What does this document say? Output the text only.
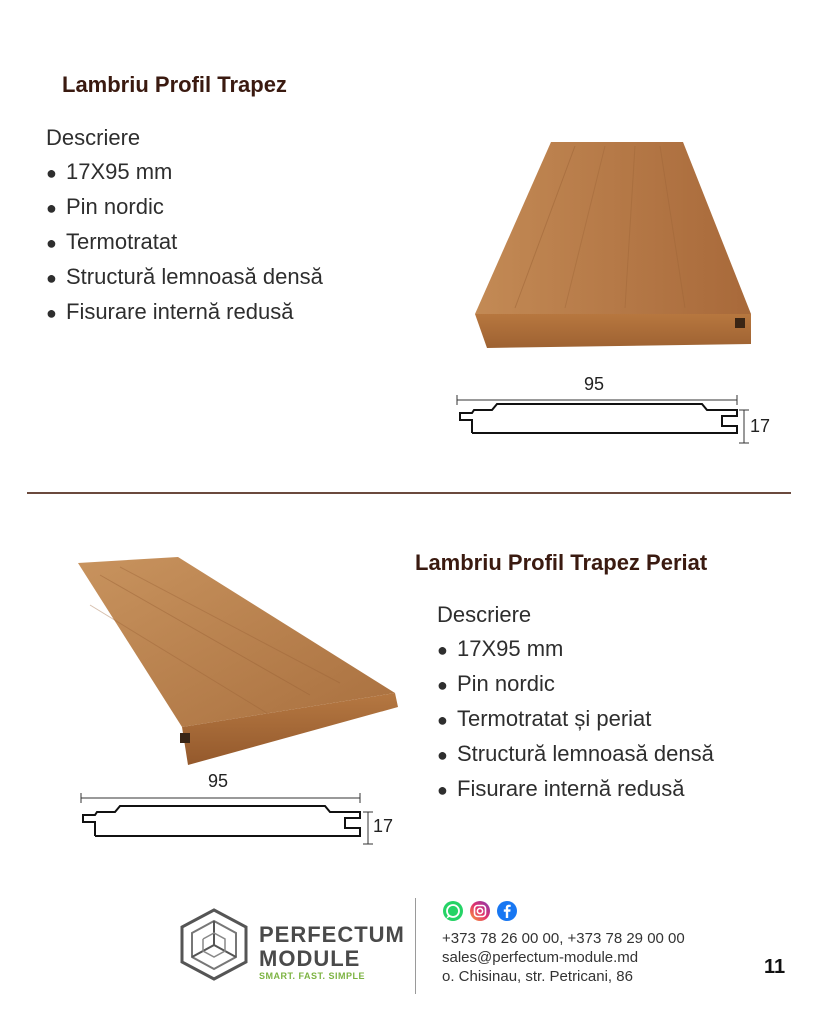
Lambriu Profil Trapez
Descriere
● 17X95 mm
● Pin nordic
● Termotratat
● Structură lemnoasă densă
● Fisurare internă redusă
95
17
Lambriu Profil Trapez Periat
Descriere
● 17X95 mm
● Pin nordic
● Termotratat și periat
● Structură lemnoasă densă
● Fisurare internă redusă
95
17
PERFECTUM
MODULE
SMART. FAST. SIMPLE
+373 78 26 00 00, +373 78 29 00 00
sales@perfectum-module.md
o. Chisinau, str. Petricani, 86	11
